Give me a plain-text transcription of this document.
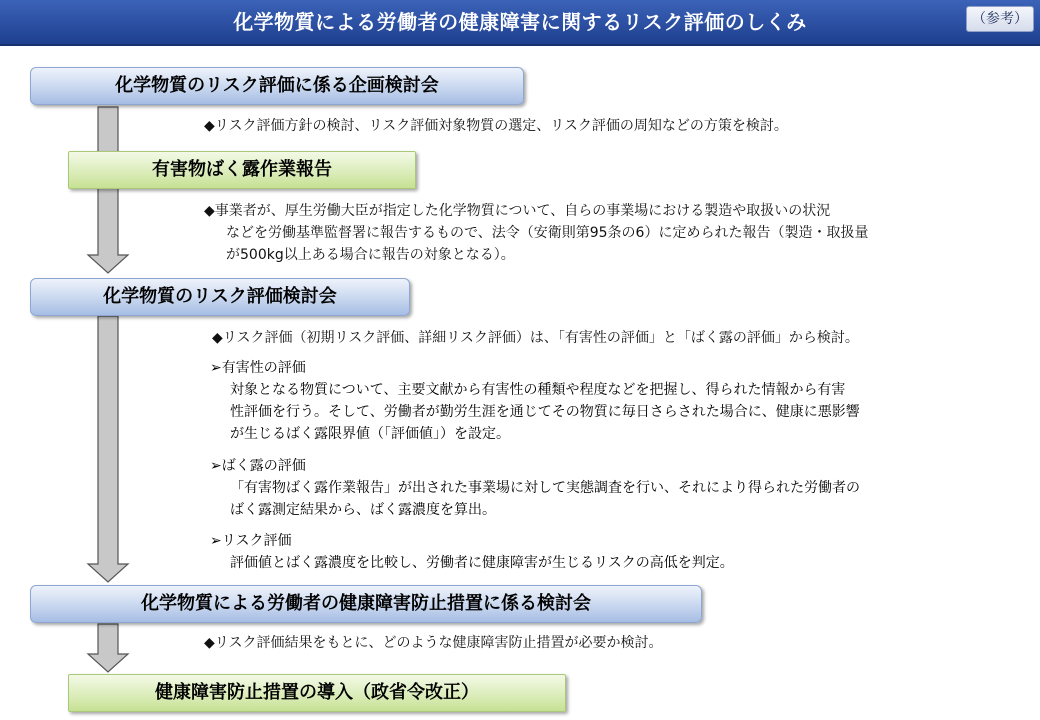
化学物質による労働者の健康障害に関するリスク評価のしくみ	（参考）
化学物質のリスク評価に係る企画検討会
有害物ばく露作業報告
化学物質のリスク評価検討会
化学物質による労働者の健康障害防止措置に係る検討会
健康障害防止措置の導入（政省令改正）
◆リスク評価方針の検討、リスク評価対象物質の選定、リスク評価の周知などの方策を検討。
◆事業者が、厚生労働大臣が指定した化学物質について、自らの事業場における製造や取扱いの状況
などを労働基準監督署に報告するもので、法令（安衛則第95条の6）に定められた報告（製造・取扱量
が500kg以上ある場合に報告の対象となる）。
◆リスク評価（初期リスク評価、詳細リスク評価）は、「有害性の評価」と「ばく露の評価」から検討。
➢有害性の評価
対象となる物質について、主要文献から有害性の種類や程度などを把握し、得られた情報から有害
性評価を行う。そして、労働者が勤労生涯を通じてその物質に毎日さらされた場合に、健康に悪影響
が生じるばく露限界値（「評価値」）を設定。
➢ばく露の評価
「有害物ばく露作業報告」が出された事業場に対して実態調査を行い、それにより得られた労働者の
ばく露測定結果から、ばく露濃度を算出。
➢リスク評価
評価値とばく露濃度を比較し、労働者に健康障害が生じるリスクの高低を判定。
◆リスク評価結果をもとに、どのような健康障害防止措置が必要か検討。
